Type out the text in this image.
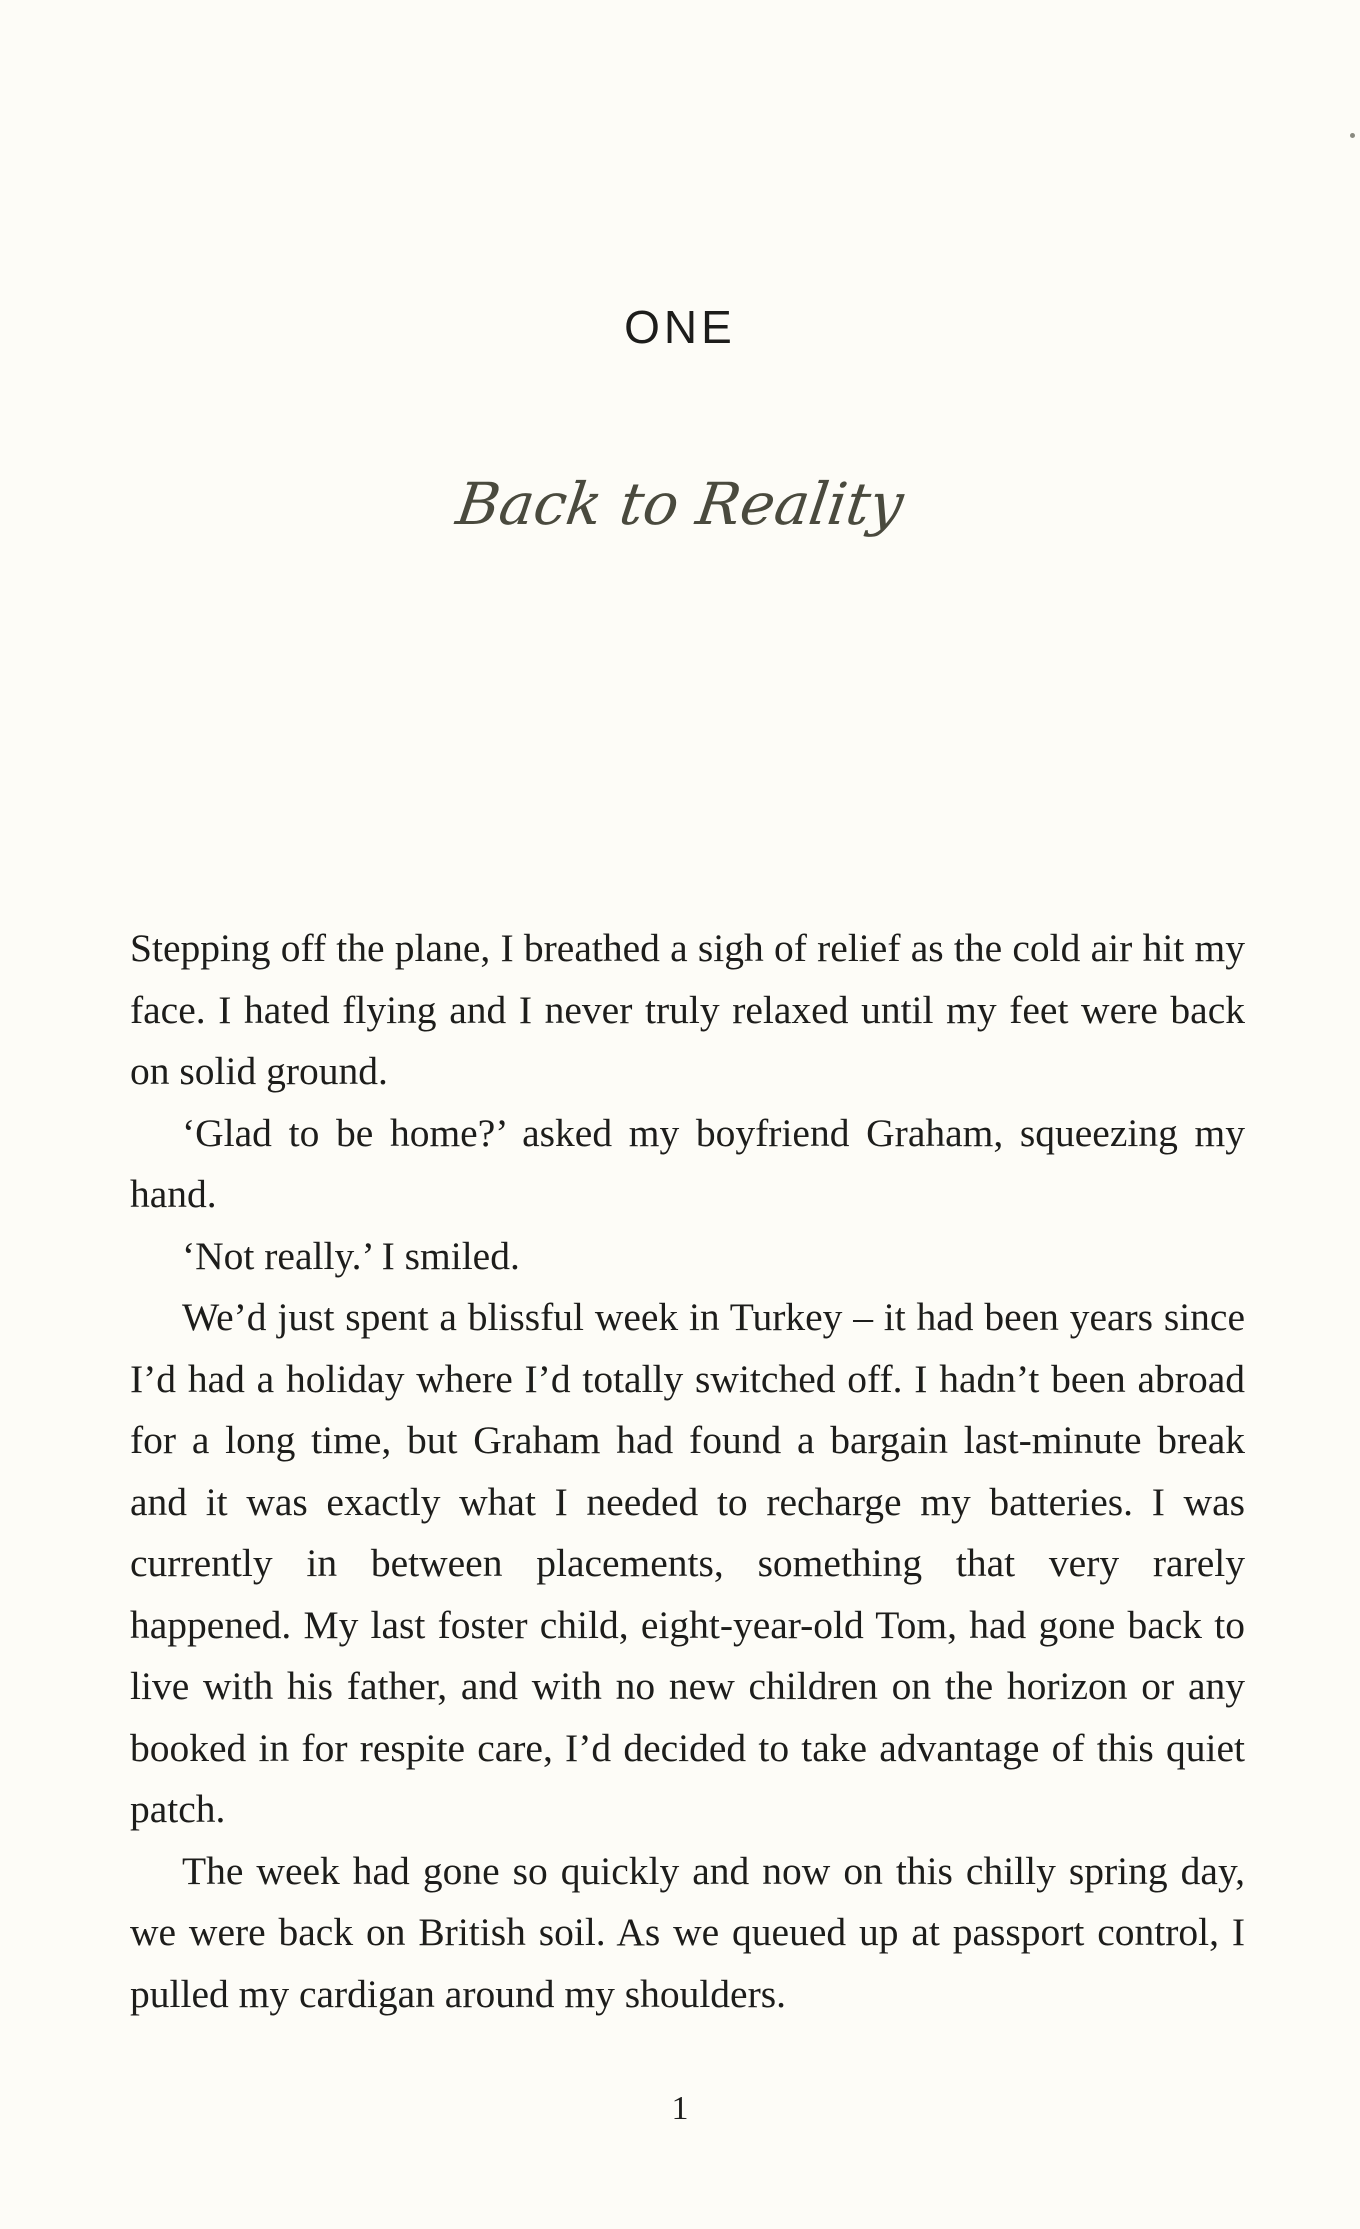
ONE
Back to Reality

Stepping off the plane, I breathed a sigh of relief as the cold air hit my face. I hated flying and I never truly relaxed until my feet were back on solid ground.

‘Glad to be home?’ asked my boyfriend Graham, squeezing my hand.

‘Not really.’ I smiled.

We’d just spent a blissful week in Turkey – it had been years since I’d had a holiday where I’d totally switched off. I hadn’t been abroad for a long time, but Graham had found a bargain last-minute break and it was exactly what I needed to recharge my batteries. I was currently in between placements, something that very rarely happened. My last foster child, eight-year-old Tom, had gone back to live with his father, and with no new children on the horizon or any booked in for respite care, I’d decided to take advantage of this quiet patch.

The week had gone so quickly and now on this chilly spring day, we were back on British soil. As we queued up at passport control, I pulled my cardigan around my shoulders.

1
